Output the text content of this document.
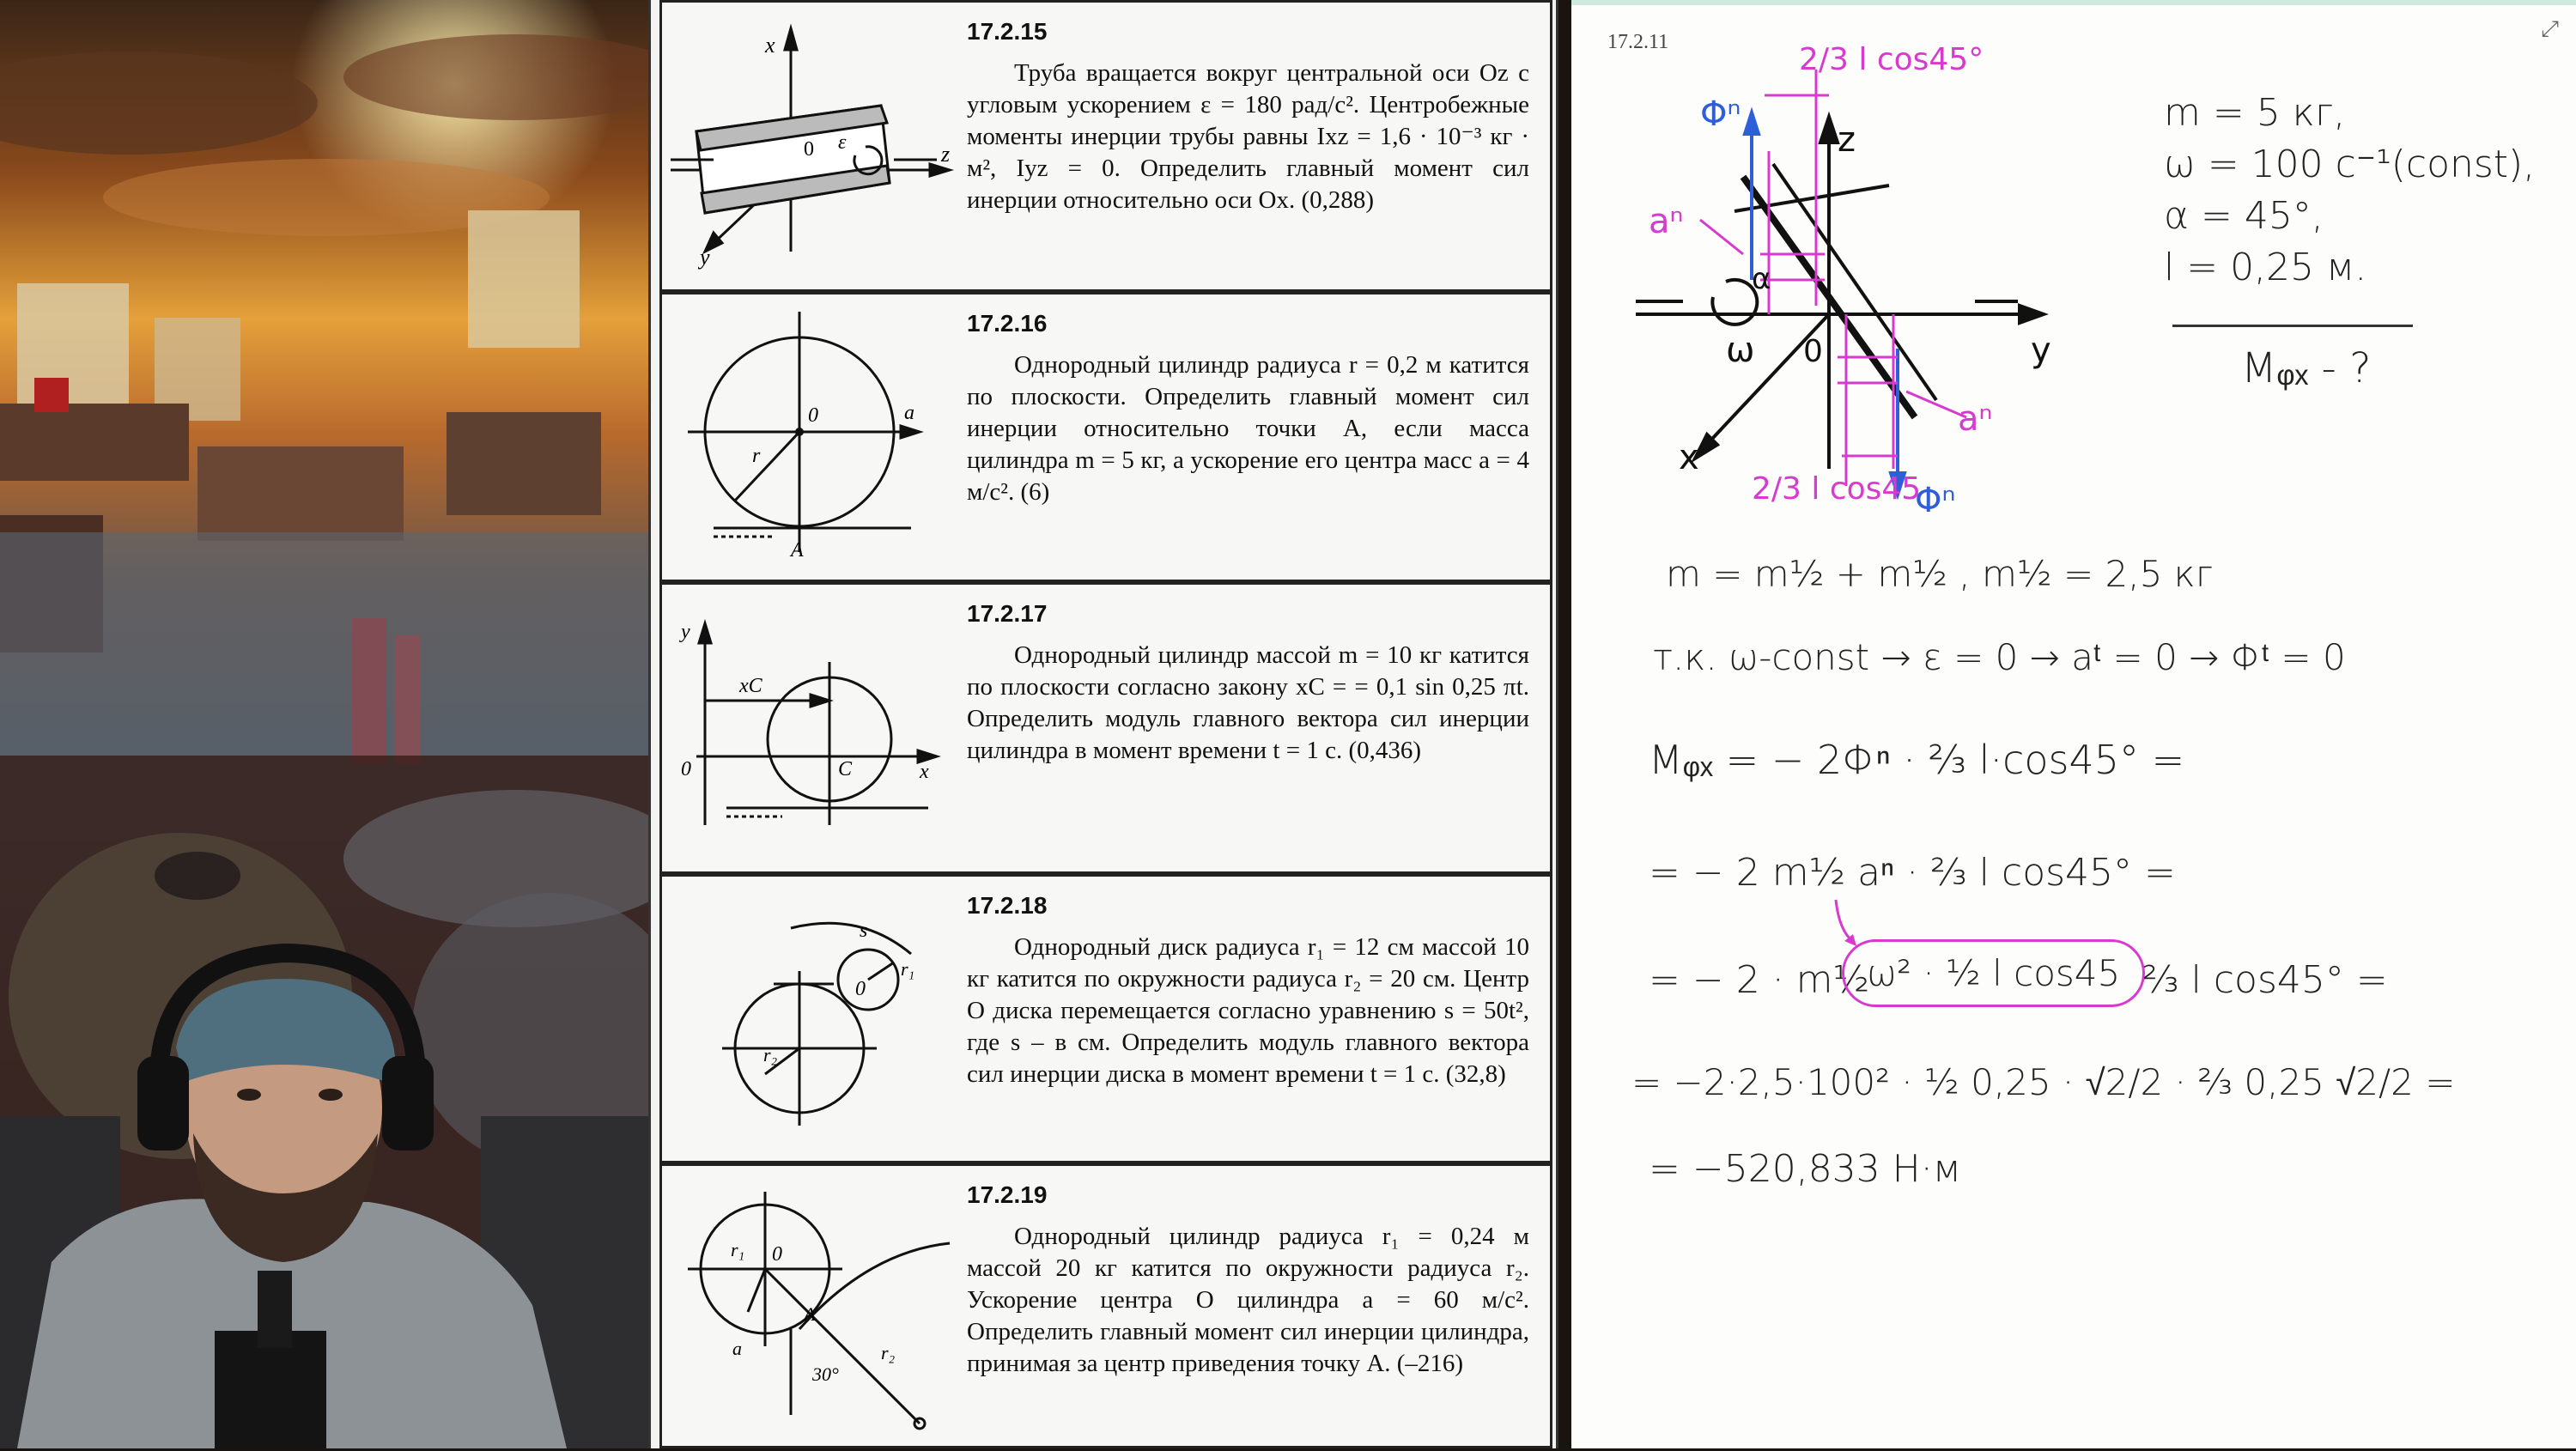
x
y
z
0 ε
17.2.15
Труба вращается вокруг центральной оси Oz с угловым ускорением ε = 180 рад/с². Центробежные моменты инерции трубы равны Ixz = 1,6 · 10⁻³ кг · м², Iyz = 0. Определить главный момент сил инерции относительно оси Ox. (0,288)
0	a
r
A
17.2.16
Однородный цилиндр радиуса r = 0,2 м катится по плоскости. Определить главный момент сил инерции относительно точки A, если масса цилиндра m = 5 кг, а ускорение его центра масс a = 4 м/с². (6)
y
xC
0	C	x
17.2.17
Однородный цилиндр массой m = 10 кг катится по плоскости согласно закону xC = = 0,1 sin 0,25 πt. Определить модуль главного вектора сил инерции цилиндра в момент времени t = 1 с. (0,436)
s
r₁
0
r₂
17.2.18
Однородный диск радиуса r₁ = 12 см массой 10 кг катится по окружности радиуса r₂ = 20 см. Центр O диска перемещается согласно уравнению s = 50t², где s – в см. Определить модуль главного вектора сил инерции диска в момент времени t = 1 с. (32,8)
r₁ 0
a
A
r₂
30°
17.2.19
Однородный цилиндр радиуса r₁ = 0,24 м массой 20 кг катится по окружности радиуса r₂. Ускорение центра O цилиндра a = 60 м/с². Определить главный момент сил инерции цилиндра, принимая за центр приведения точку A. (–216)
17.2.11
⤢
2/3 l cos45°
2/3 l cos45
Φⁿ
Φⁿ
aⁿ
aⁿ
z
y
x
0
ω
α
m = 5 кг,
ω = 100 с⁻¹(const),
α = 45°,
l = 0,25 м.
Mᵩₓ - ?
m = m½ + m½ , m½ = 2,5 кг
т.к. ω-const → ε = 0 → aᵗ = 0 → Φᵗ = 0
Mᵩₓ = − 2Φⁿ · ⅔ l·cos45° =
= − 2 m½ aⁿ · ⅔ l cos45° =
= − 2 · m½
ω² · ½ l cos45 ⅔ l cos45° =
= −2·2,5·100² · ½ 0,25 · √2/2 · ⅔ 0,25 √2/2 =
= −520,833 Н·м
